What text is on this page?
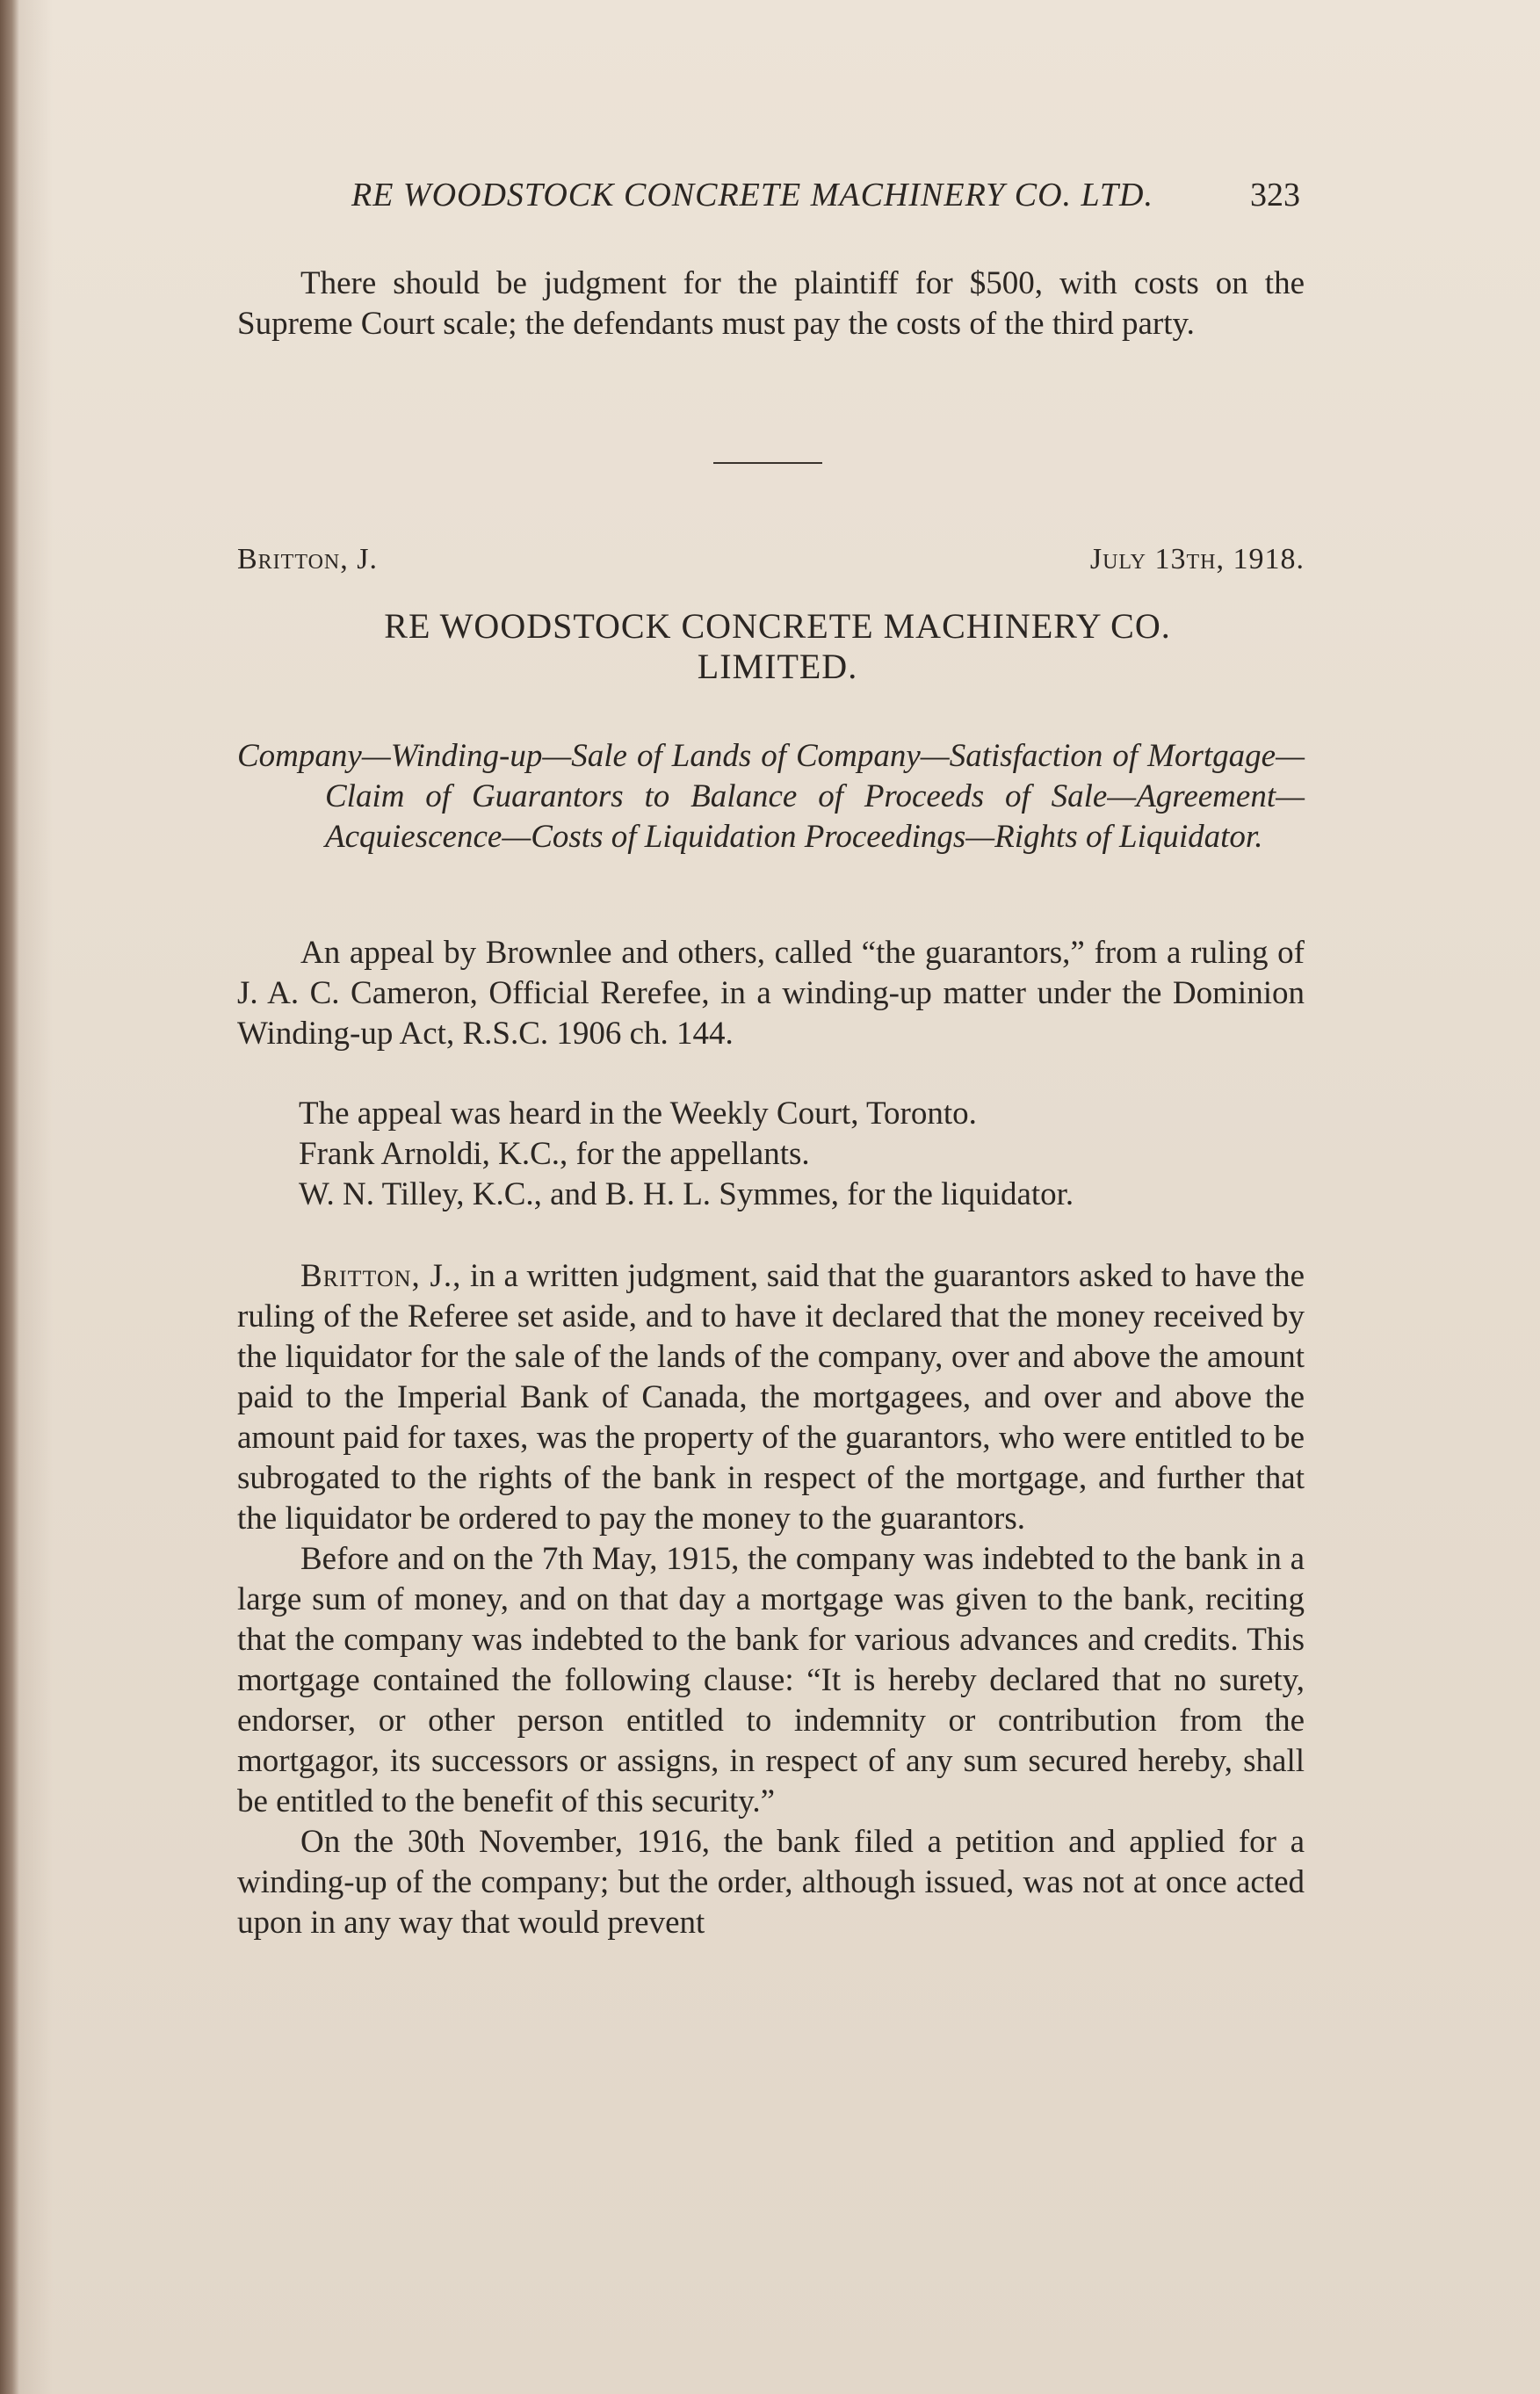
RE WOODSTOCK CONCRETE MACHINERY CO. LTD.	323

There should be judgment for the plaintiff for $500, with costs on the Supreme Court scale; the defendants must pay the costs of the third party.

Britton, J.	July 13th, 1918.
RE WOODSTOCK CONCRETE MACHINERY CO.
LIMITED.
Company—Winding-up—Sale of Lands of Company—Satisfaction of Mortgage—Claim of Guarantors to Balance of Proceeds of Sale—Agreement—Acquiescence—Costs of Liquidation Proceedings—Rights of Liquidator.

An appeal by Brownlee and others, called “the guarantors,” from a ruling of J. A. C. Cameron, Official Rerefee, in a winding-up matter under the Dominion Winding-up Act, R.S.C. 1906 ch. 144.

The appeal was heard in the Weekly Court, Toronto.

Frank Arnoldi, K.C., for the appellants.

W. N. Tilley, K.C., and B. H. L. Symmes, for the liquidator.

Britton, J., in a written judgment, said that the guarantors asked to have the ruling of the Referee set aside, and to have it declared that the money received by the liquidator for the sale of the lands of the company, over and above the amount paid to the Imperial Bank of Canada, the mortgagees, and over and above the amount paid for taxes, was the property of the guarantors, who were entitled to be subrogated to the rights of the bank in respect of the mortgage, and further that the liquidator be ordered to pay the money to the guarantors.

Before and on the 7th May, 1915, the company was indebted to the bank in a large sum of money, and on that day a mortgage was given to the bank, reciting that the company was indebted to the bank for various advances and credits. This mortgage contained the following clause: “It is hereby declared that no surety, endorser, or other person entitled to indemnity or contribution from the mortgagor, its successors or assigns, in respect of any sum secured hereby, shall be entitled to the benefit of this security.”

On the 30th November, 1916, the bank filed a petition and applied for a winding-up of the company; but the order, although issued, was not at once acted upon in any way that would prevent
